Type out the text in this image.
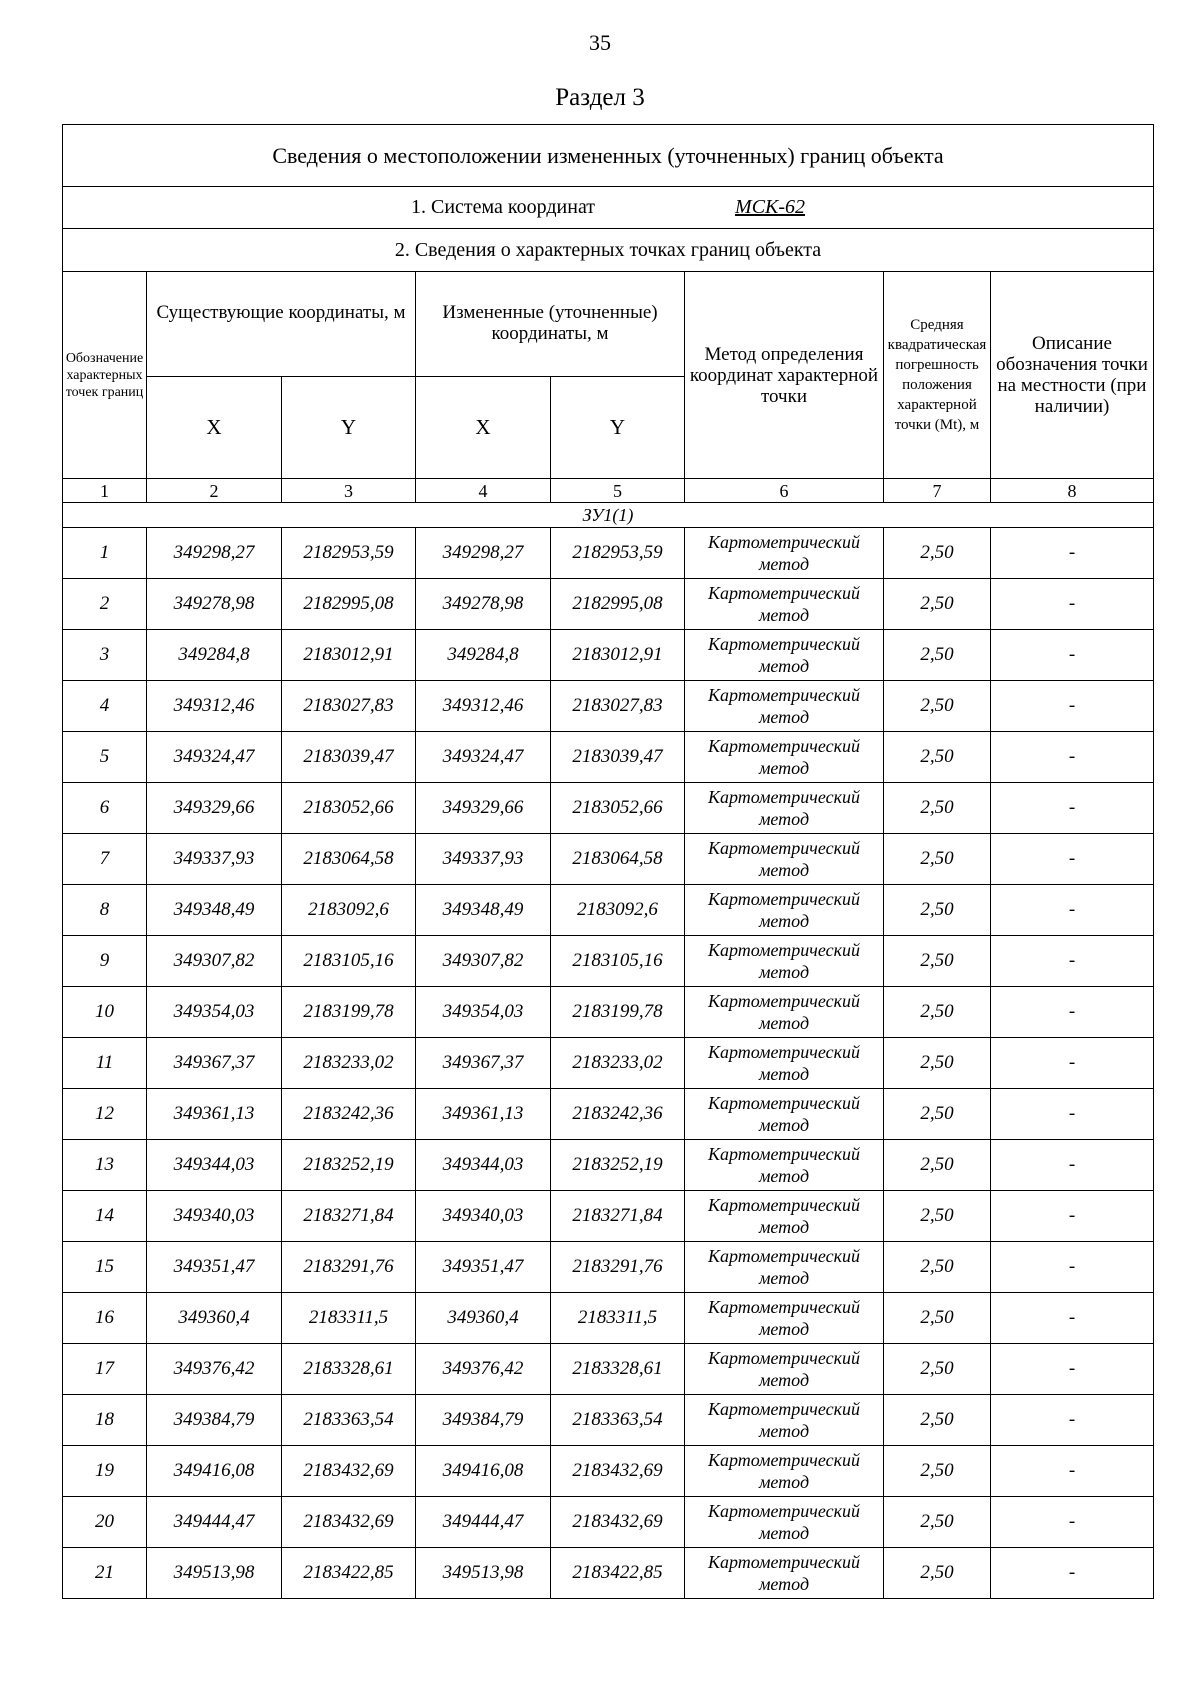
35
Раздел 3
Сведения о местоположении измененных (уточненных) границ объекта							
1. Система координат МСК-62							
2. Сведения о характерных точках границ объекта							
Обозначение характерных точек границ	Существующие координаты, м		Измененные (уточненные) координаты, м		Метод определения координат характерной точки	Средняя квадратическая погрешность положения характерной точки (Mt), м	Описание обозначения точки на местности (при наличии)
	X	Y	X	Y			
1	2	3	4	5	6	7	8
ЗУ1(1)							
1	349298,27	2182953,59	349298,27	2182953,59	Картометрический метод	2,50	-
2	349278,98	2182995,08	349278,98	2182995,08	Картометрический метод	2,50	-
3	349284,8	2183012,91	349284,8	2183012,91	Картометрический метод	2,50	-
4	349312,46	2183027,83	349312,46	2183027,83	Картометрический метод	2,50	-
5	349324,47	2183039,47	349324,47	2183039,47	Картометрический метод	2,50	-
6	349329,66	2183052,66	349329,66	2183052,66	Картометрический метод	2,50	-
7	349337,93	2183064,58	349337,93	2183064,58	Картометрический метод	2,50	-
8	349348,49	2183092,6	349348,49	2183092,6	Картометрический метод	2,50	-
9	349307,82	2183105,16	349307,82	2183105,16	Картометрический метод	2,50	-
10	349354,03	2183199,78	349354,03	2183199,78	Картометрический метод	2,50	-
11	349367,37	2183233,02	349367,37	2183233,02	Картометрический метод	2,50	-
12	349361,13	2183242,36	349361,13	2183242,36	Картометрический метод	2,50	-
13	349344,03	2183252,19	349344,03	2183252,19	Картометрический метод	2,50	-
14	349340,03	2183271,84	349340,03	2183271,84	Картометрический метод	2,50	-
15	349351,47	2183291,76	349351,47	2183291,76	Картометрический метод	2,50	-
16	349360,4	2183311,5	349360,4	2183311,5	Картометрический метод	2,50	-
17	349376,42	2183328,61	349376,42	2183328,61	Картометрический метод	2,50	-
18	349384,79	2183363,54	349384,79	2183363,54	Картометрический метод	2,50	-
19	349416,08	2183432,69	349416,08	2183432,69	Картометрический метод	2,50	-
20	349444,47	2183432,69	349444,47	2183432,69	Картометрический метод	2,50	-
21	349513,98	2183422,85	349513,98	2183422,85	Картометрический метод	2,50	-
